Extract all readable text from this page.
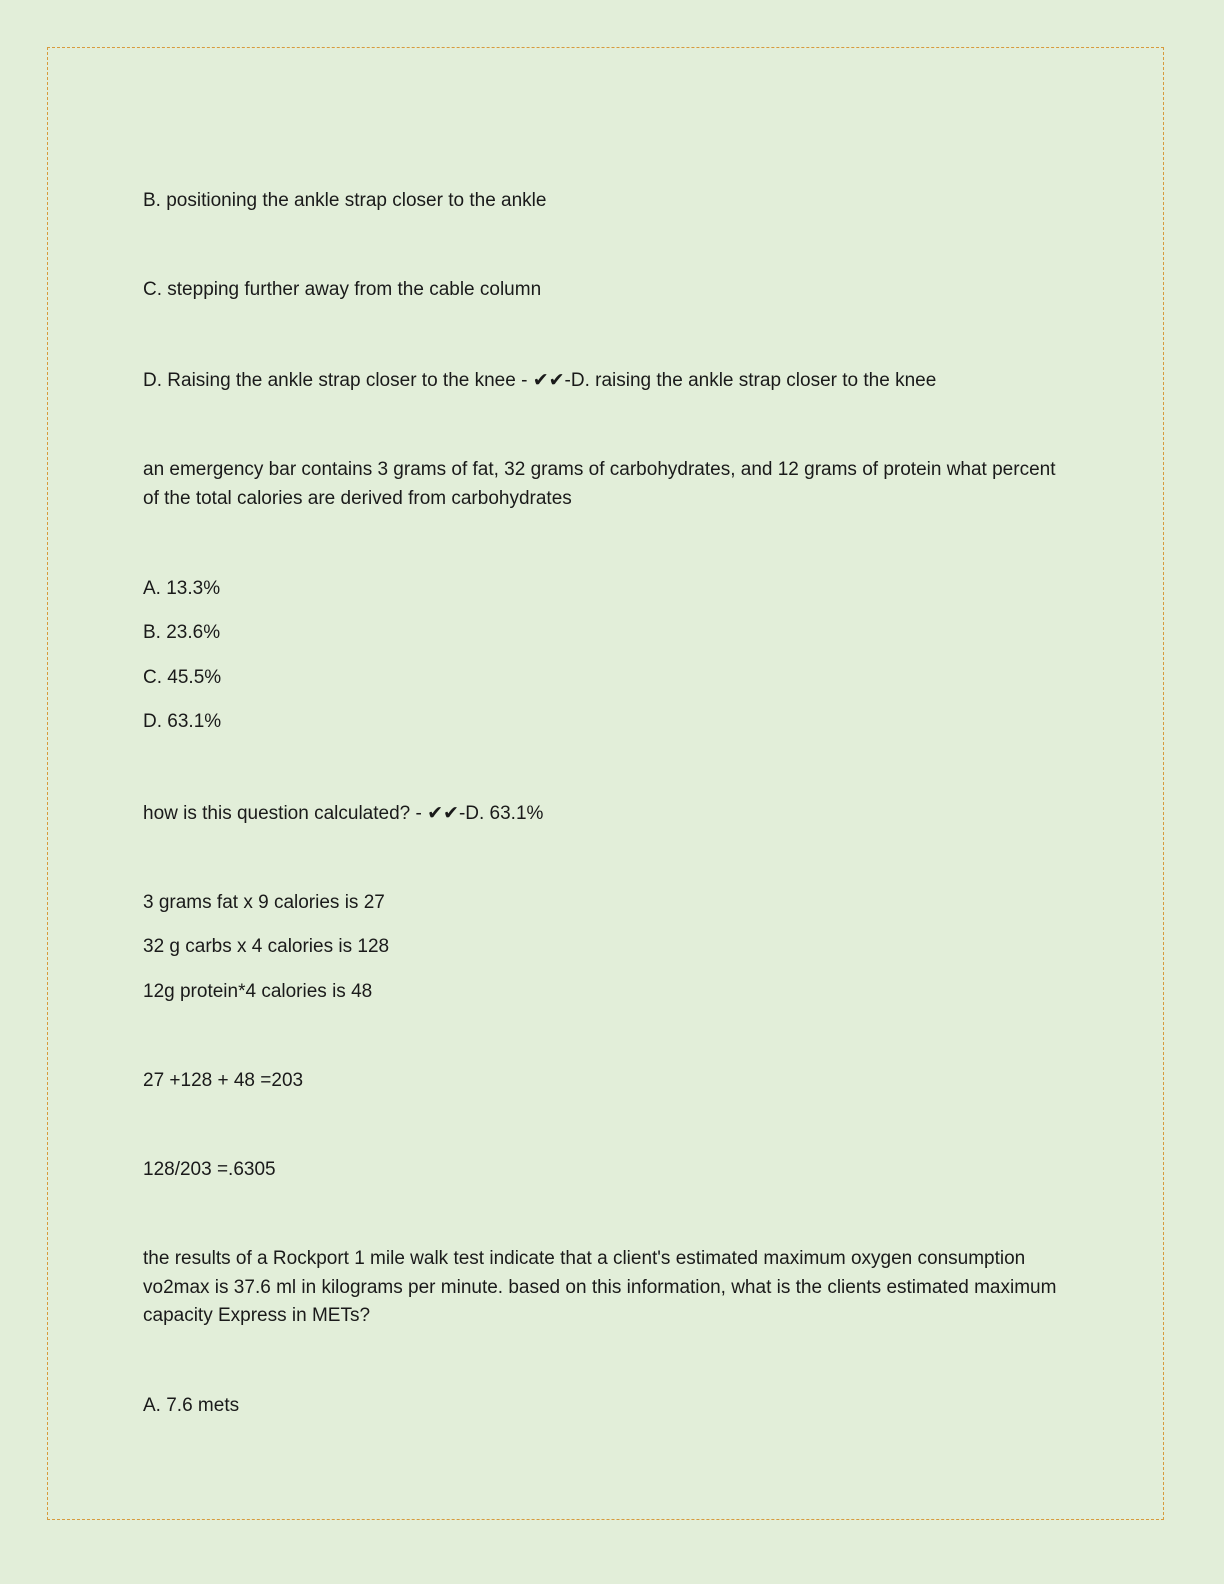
B. positioning the ankle strap closer to the ankle
C. stepping further away from the cable column
D. Raising the ankle strap closer to the knee - ✔✔-D. raising the ankle strap closer to the knee
an emergency bar contains 3 grams of fat, 32 grams of carbohydrates, and 12 grams of protein what percent of the total calories are derived from carbohydrates
A. 13.3%
B. 23.6%
C. 45.5%
D. 63.1%
how is this question calculated? - ✔✔-D. 63.1%
3 grams fat x 9 calories is 27
32 g carbs x 4 calories is 128
12g protein*4 calories is 48
27 +128 + 48 =203
128/203 =.6305
the results of a Rockport 1 mile walk test indicate that a client's estimated maximum oxygen consumption vo2max is 37.6 ml in kilograms per minute. based on this information, what is the clients estimated maximum capacity Express in METs?
A. 7.6 mets
